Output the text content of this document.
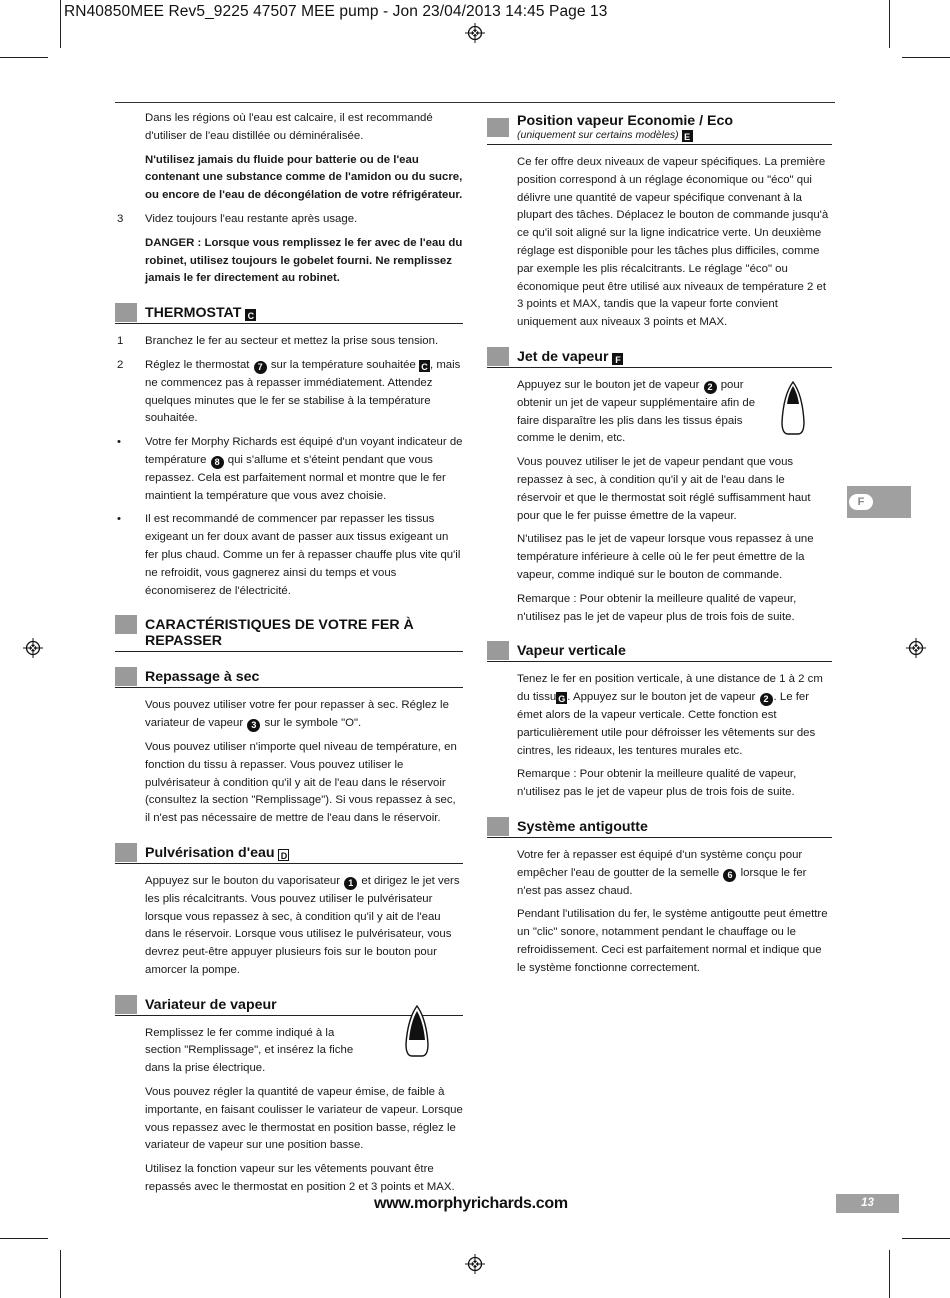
RN40850MEE Rev5_9225 47507 MEE pump - Jon 23/04/2013 14:45 Page 13

Dans les régions où l'eau est calcaire, il est recommandé d'utiliser de l'eau distillée ou déminéralisée.

N'utilisez jamais du fluide pour batterie ou de l'eau contenant une substance comme de l'amidon ou du sucre, ou encore de l'eau de décongélation de votre réfrigérateur.

3	Videz toujours l'eau restante après usage.

DANGER : Lorsque vous remplissez le fer avec de l'eau du robinet, utilisez toujours le gobelet fourni. Ne remplissez jamais le fer directement au robinet.

THERMOSTAT C
1	Branchez le fer au secteur et mettez la prise sous tension.
2	Réglez le thermostat 7 sur la température souhaitée C , mais ne commencez pas à repasser immédiatement. Attendez quelques minutes que le fer se stabilise à la température souhaitée.
•	Votre fer Morphy Richards est équipé d'un voyant indicateur de température 8 qui s'allume et s'éteint pendant que vous repassez. Cela est parfaitement normal et montre que le fer maintient la température que vous avez choisie.
•	Il est recommandé de commencer par repasser les tissus exigeant un fer doux avant de passer aux tissus exigeant un fer plus chaud. Comme un fer à repasser chauffe plus vite qu'il ne refroidit, vous gagnerez ainsi du temps et vous économiserez de l'électricité.
CARACTÉRISTIQUES DE VOTRE FER À REPASSER
Repassage à sec

Vous pouvez utiliser votre fer pour repasser à sec. Réglez le variateur de vapeur 3 sur le symbole "O".

Vous pouvez utiliser n'importe quel niveau de température, en fonction du tissu à repasser. Vous pouvez utiliser le pulvérisateur à condition qu'il y ait de l'eau dans le réservoir (consultez la section "Remplissage"). Si vous repassez à sec, il n'est pas nécessaire de mettre de l'eau dans le réservoir.

Pulvérisation d'eau D

Appuyez sur le bouton du vaporisateur 1 et dirigez le jet vers les plis récalcitrants. Vous pouvez utiliser le pulvérisateur lorsque vous repassez à sec, à condition qu'il y ait de l'eau dans le réservoir. Lorsque vous utilisez le pulvérisateur, vous devrez peut-être appuyer plusieurs fois sur le bouton pour amorcer la pompe.

Variateur de vapeur

Remplissez le fer comme indiqué à la section "Remplissage", et insérez la fiche dans la prise électrique.

Vous pouvez régler la quantité de vapeur émise, de faible à importante, en faisant coulisser le variateur de vapeur. Lorsque vous repassez avec le thermostat en position basse, réglez le variateur de vapeur sur une position basse.

Utilisez la fonction vapeur sur les vêtements pouvant être repassés avec le thermostat en position 2 et 3 points et MAX.

Position vapeur Economie / Eco
(uniquement sur certains modèles) E

Ce fer offre deux niveaux de vapeur spécifiques. La première position correspond à un réglage économique ou "éco" qui délivre une quantité de vapeur spécifique convenant à la plupart des tâches. Déplacez le bouton de commande jusqu'à ce qu'il soit aligné sur la ligne indicatrice verte. Un deuxième réglage est disponible pour les tâches plus difficiles, comme par exemple les plis récalcitrants. Le réglage "éco" ou économique peut être utilisé aux niveaux de température 2 et 3 points et MAX, tandis que la vapeur forte convient uniquement aux niveaux 3 points et MAX.

Jet de vapeur F

Appuyez sur le bouton jet de vapeur 2 pour obtenir un jet de vapeur supplémentaire afin de faire disparaître les plis dans les tissus épais comme le denim, etc.

Vous pouvez utiliser le jet de vapeur pendant que vous repassez à sec, à condition qu'il y ait de l'eau dans le réservoir et que le thermostat soit réglé suffisamment haut pour que le fer puisse émettre de la vapeur.

N'utilisez pas le jet de vapeur lorsque vous repassez à une température inférieure à celle où le fer peut émettre de la vapeur, comme indiqué sur le bouton de commande.

Remarque : Pour obtenir la meilleure qualité de vapeur, n'utilisez pas le jet de vapeur plus de trois fois de suite.

Vapeur verticale

Tenez le fer en position verticale, à une distance de 1 à 2 cm du tissu G . Appuyez sur le bouton jet de vapeur 2 . Le fer émet alors de la vapeur verticale. Cette fonction est particulièrement utile pour défroisser les vêtements sur des cintres, les rideaux, les tentures murales etc.

Remarque : Pour obtenir la meilleure qualité de vapeur, n'utilisez pas le jet de vapeur plus de trois fois de suite.

Système antigoutte

Votre fer à repasser est équipé d'un système conçu pour empêcher l'eau de goutter de la semelle 6 lorsque le fer n'est pas assez chaud.

Pendant l'utilisation du fer, le système antigoutte peut émettre un "clic" sonore, notamment pendant le chauffage ou le refroidissement. Ceci est parfaitement normal et indique que le système fonctionne correctement.

F
www.morphyrichards.com	13
